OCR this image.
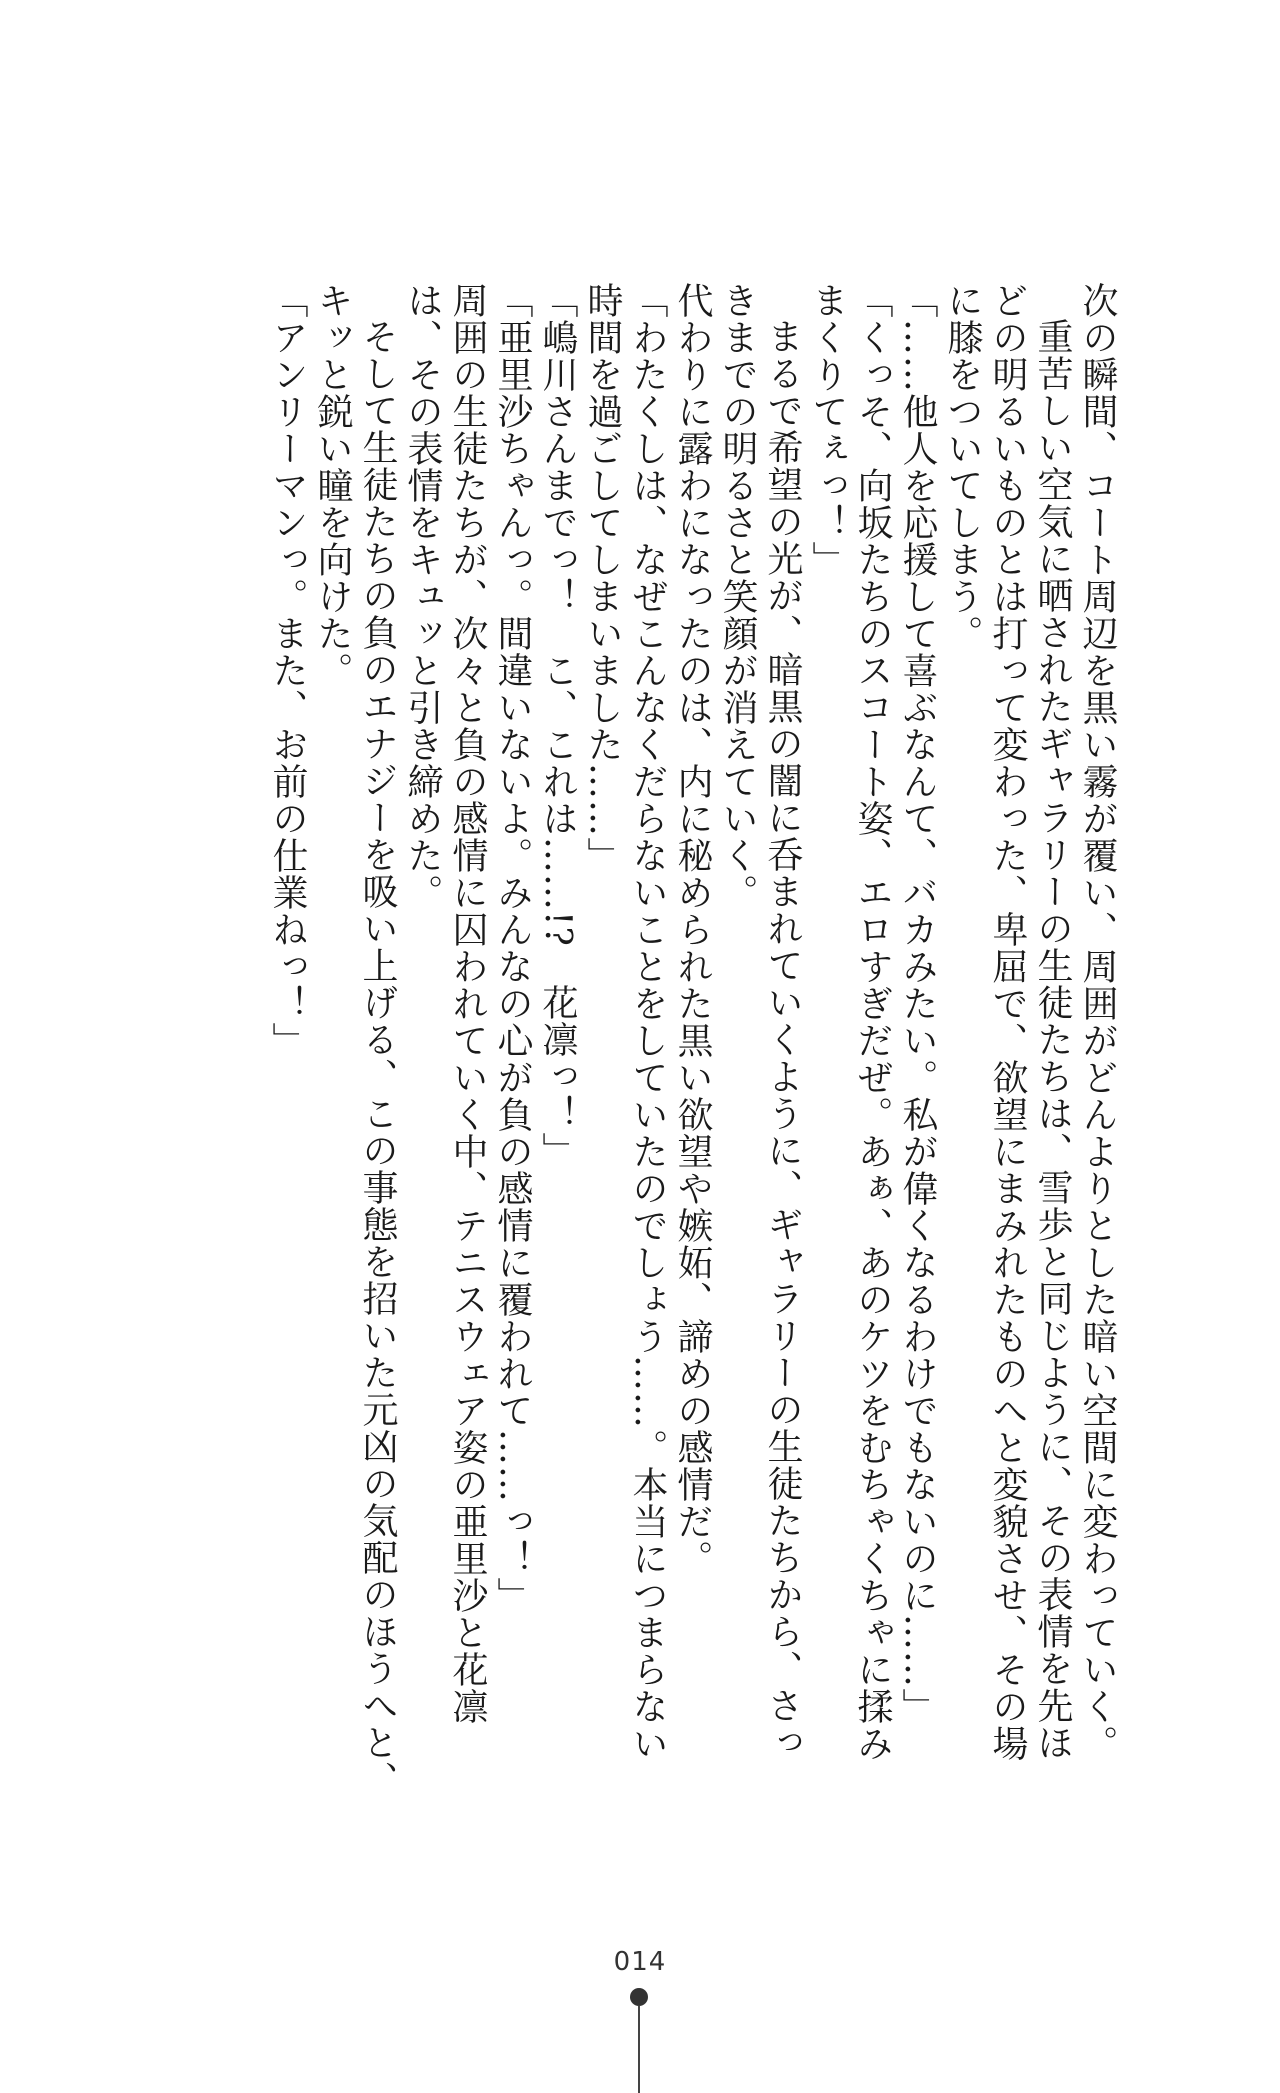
次の瞬間、コート周辺を黒い霧が覆い、周囲がどんよりとした暗い空間に変わっていく。

重苦しい空気に晒されたギャラリーの生徒たちは、雪歩と同じように、その表情を先ほ

どの明るいものとは打って変わった、卑屈で、欲望にまみれたものへと変貌させ、その場

に膝をついてしまう。

「……他人を応援して喜ぶなんて、バカみたい。私が偉くなるわけでもないのに……」

「くっそ、向坂たちのスコート姿、エロすぎだぜ。あぁ、あのケツをむちゃくちゃに揉み

まくりてぇっ！」

まるで希望の光が、暗黒の闇に呑まれていくように、ギャラリーの生徒たちから、さっ

きまでの明るさと笑顔が消えていく。

代わりに露わになったのは、内に秘められた黒い欲望や嫉妬、諦めの感情だ。

「わたくしは、なぜこんなくだらないことをしていたのでしょう……。本当につまらない

時間を過ごしてしまいました……」

「嶋川さんまでっ！　こ、これは……!?　花凛っ！」

「亜里沙ちゃんっ。間違いないよ。みんなの心が負の感情に覆われて……っ！」

周囲の生徒たちが、次々と負の感情に囚われていく中、テニスウェア姿の亜里沙と花凛

は、その表情をキュッと引き締めた。

そして生徒たちの負のエナジーを吸い上げる、この事態を招いた元凶の気配のほうへと、

キッと鋭い瞳を向けた。

「アンリーマンっ。また、お前の仕業ねっ！」

014
